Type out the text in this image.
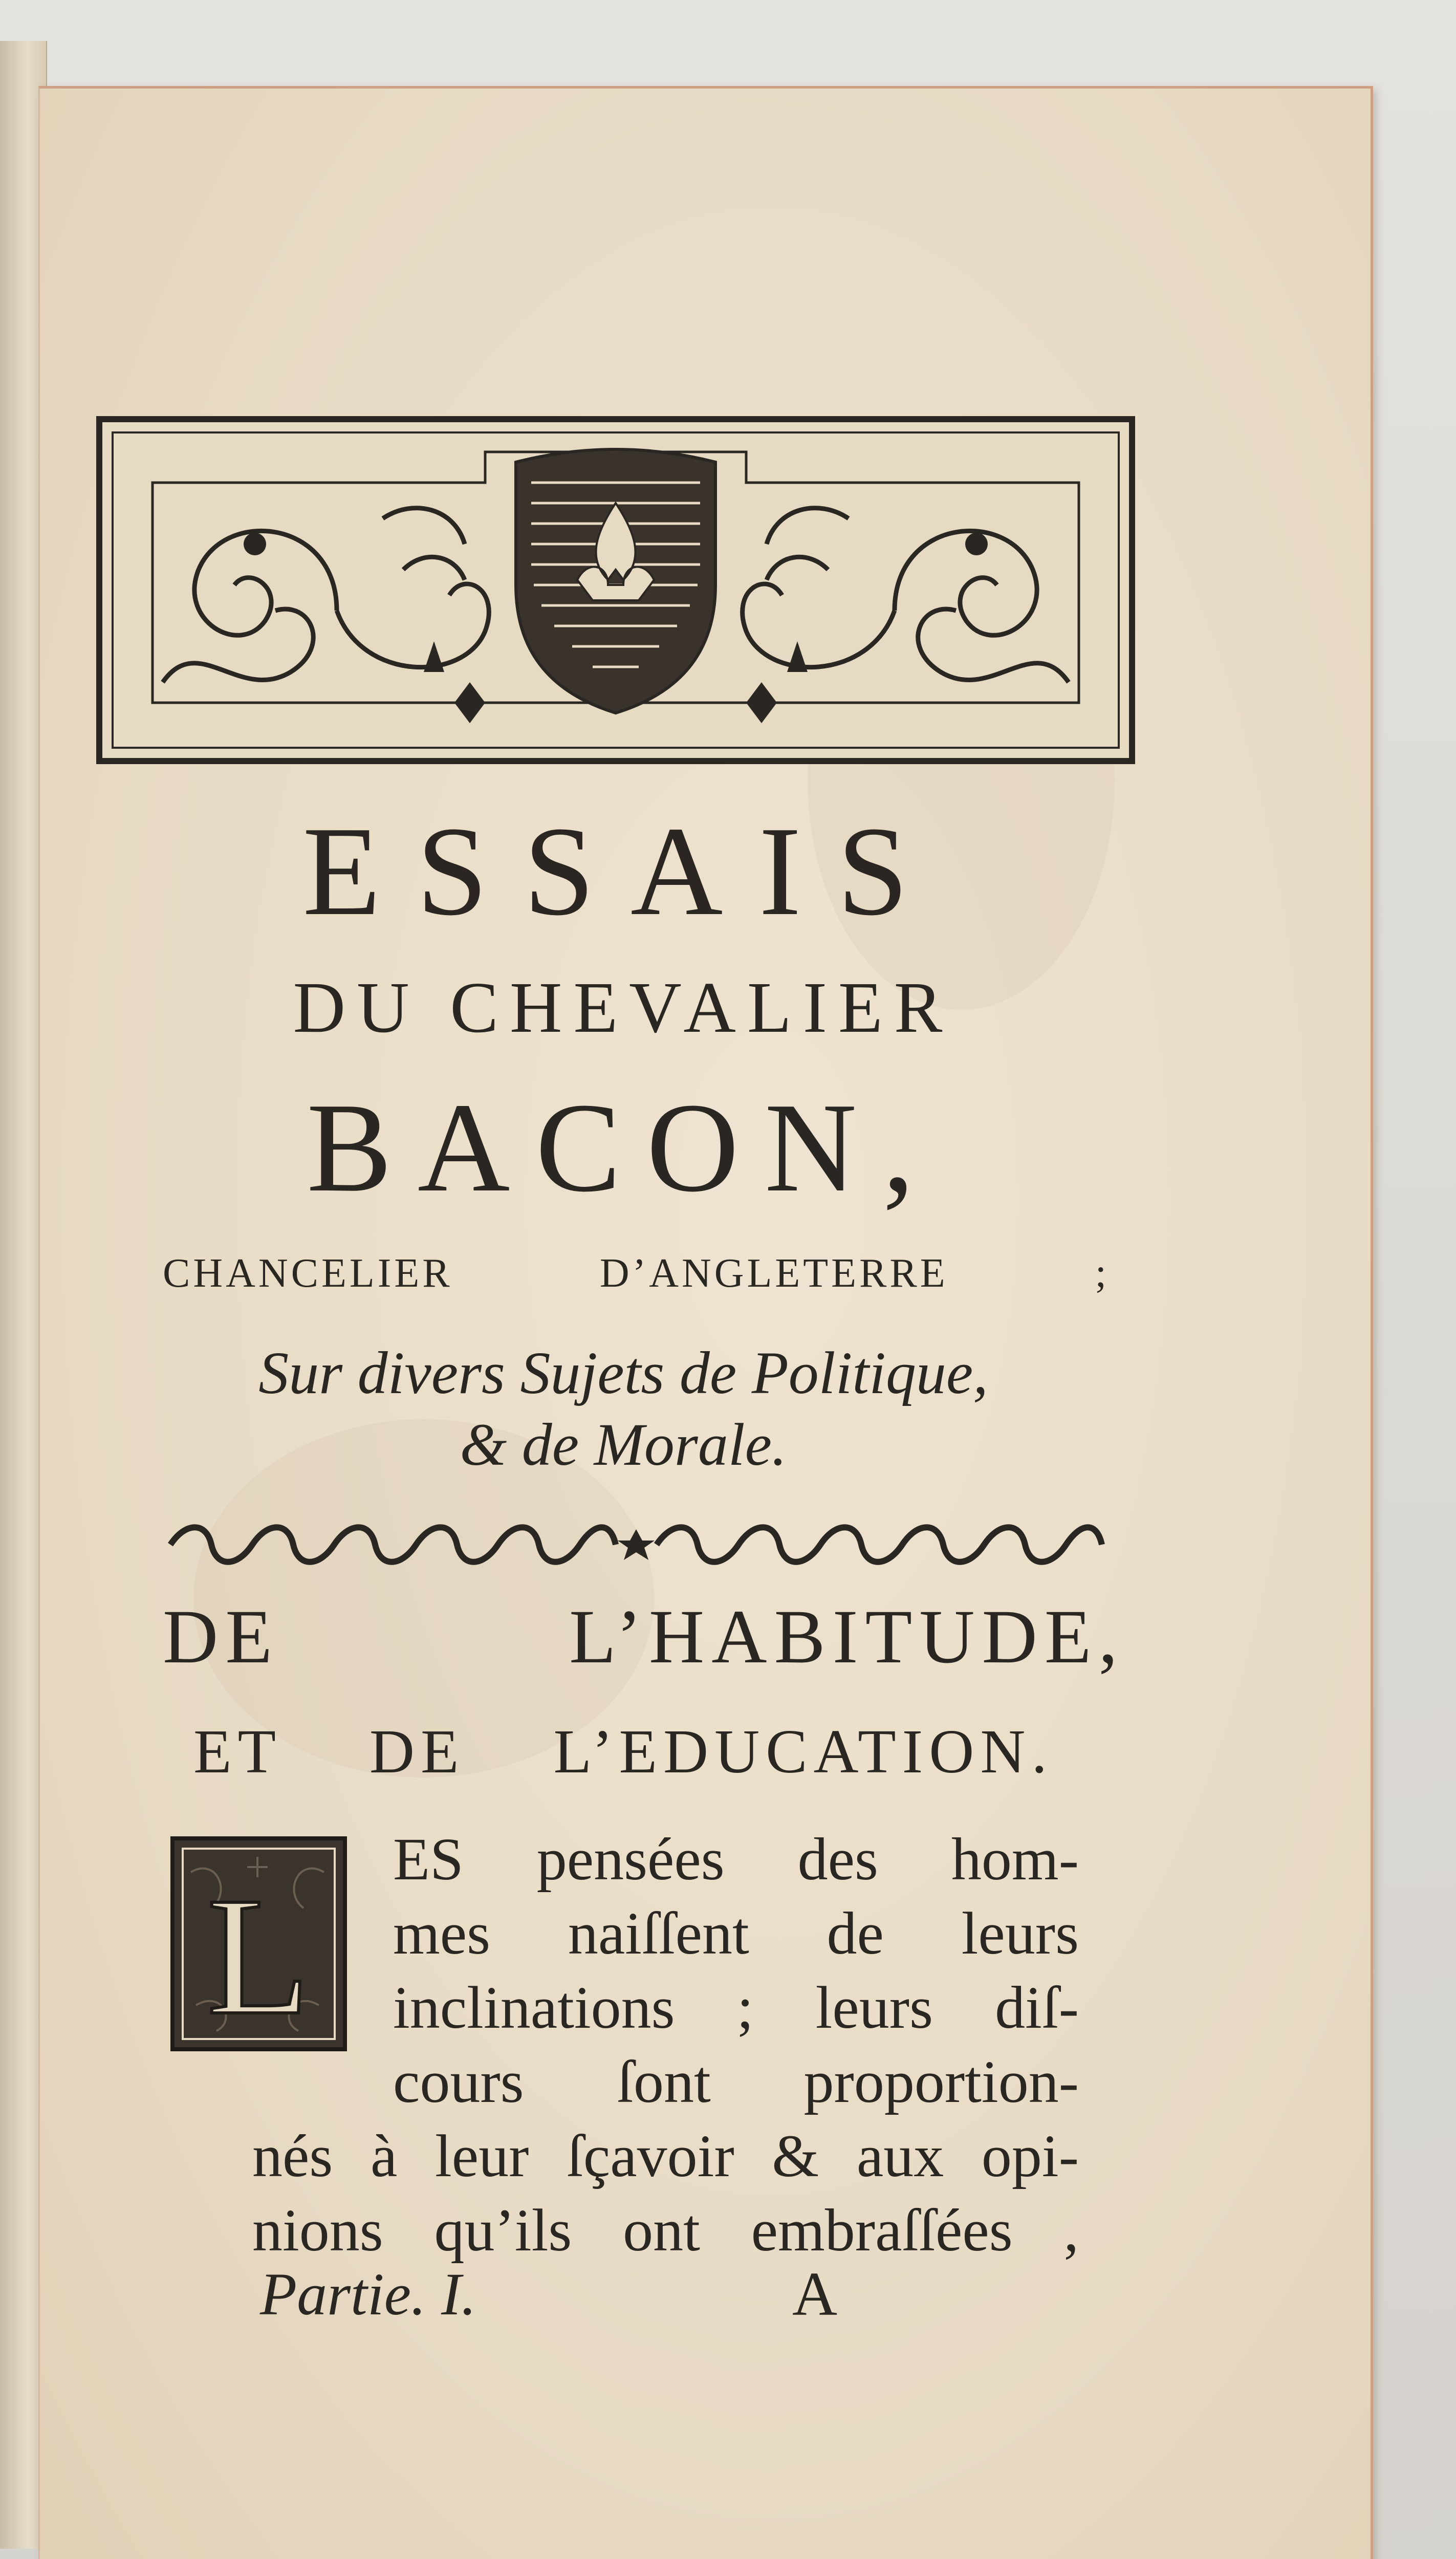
ESSAIS
DU CHEVALIER
BACON,
CHANCELIER D’ANGLETERRE ;
Sur divers Sujets de Politique,
& de Morale.
DE L’HABITUDE,
ET DE L’EDUCATION.
L
ES pensées des hom-
mes naiſſent de leurs
inclinations ; leurs diſ-
cours ſont proportion-
nés à leur ſçavoir & aux opi-
nions qu’ils ont embraſſées ,
Partie. I.	A
